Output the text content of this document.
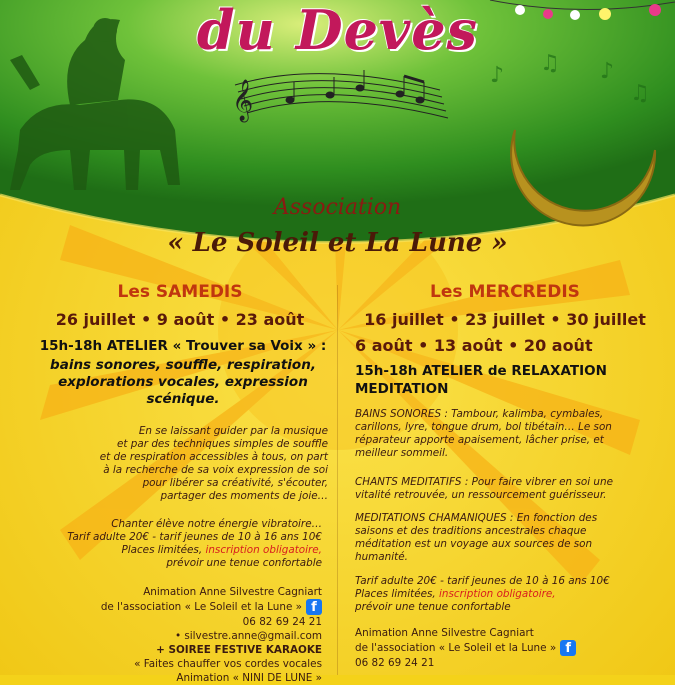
𝄞
♪ ♫ ♪
♫
du Devès
Association
« Le Soleil et La Lune »
Les SAMEDIS
26 juillet • 9 août • 23 août
15h-18h ATELIER « Trouver sa Voix » :
bains sonores, souffle, respiration,
explorations vocales, expression
scénique.
En se laissant guider par la musique
et par des techniques simples de souffle
et de respiration accessibles à tous, on part
à la recherche de sa voix expression de soi
pour libérer sa créativité, s'écouter,
partager des moments de joie…
Chanter élève notre énergie vibratoire…
Tarif adulte 20€ - tarif jeunes de 10 à 16 ans 10€
Places limitées, inscription obligatoire,
prévoir une tenue confortable
Animation Anne Silvestre Cagniart
de l'association « Le Soleil et la Lune » f
06 82 69 24 21
• silvestre.anne@gmail.com
+ SOIREE FESTIVE KARAOKE
« Faites chauffer vos cordes vocales
Animation « NINI DE LUNE »
Les MERCREDIS
16 juillet • 23 juillet • 30 juillet
6 août • 13 août • 20 août
15h-18h ATELIER de RELAXATION
MEDITATION
BAINS SONORES : Tambour, kalimba, cymbales,
carillons, lyre, tongue drum, bol tibétain… Le son
réparateur apporte apaisement, lâcher prise, et
meilleur sommeil.
CHANTS MEDITATIFS : Pour faire vibrer en soi une
vitalité retrouvée, un ressourcement guérisseur.
MEDITATIONS CHAMANIQUES : En fonction des
saisons et des traditions ancestrales chaque
méditation est un voyage aux sources de son
humanité.
Tarif adulte 20€ - tarif jeunes de 10 à 16 ans 10€
Places limitées, inscription obligatoire,
prévoir une tenue confortable
Animation Anne Silvestre Cagniart
de l'association « Le Soleil et la Lune » f
06 82 69 24 21
